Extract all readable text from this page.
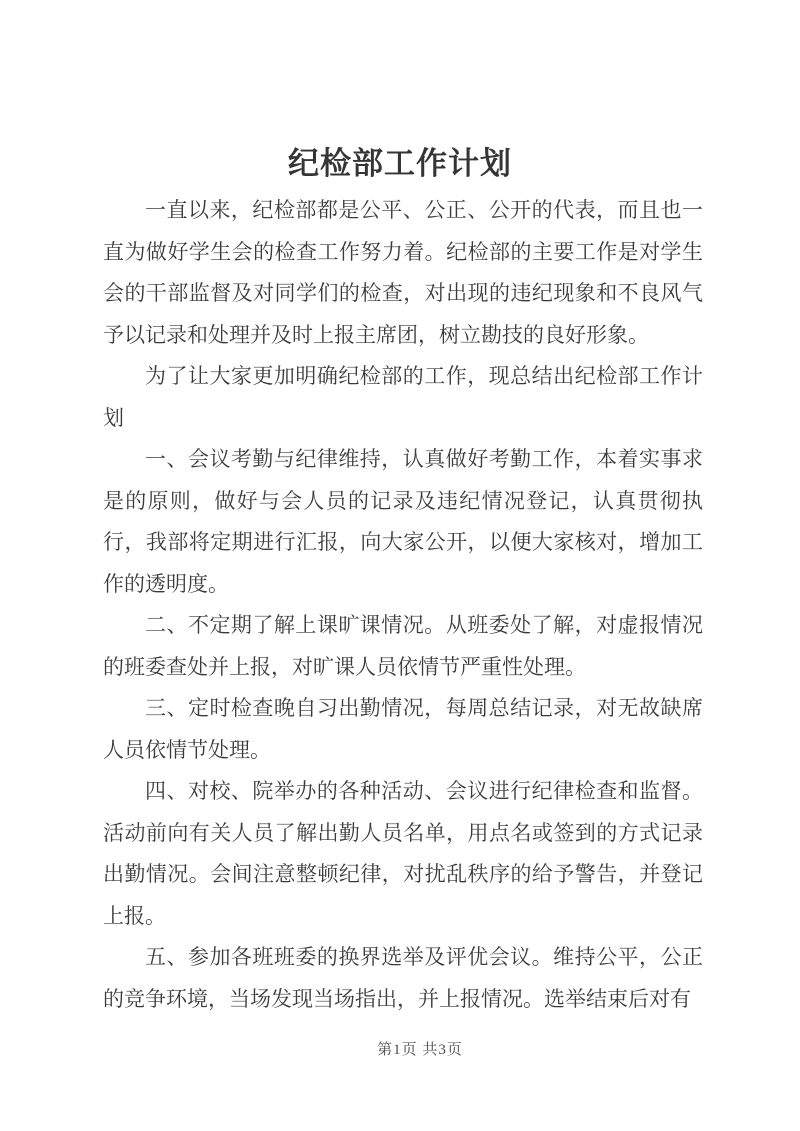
纪检部工作计划

一直以来，纪检部都是公平、公正、公开的代表，而且也一直为做好学生会的检查工作努力着。纪检部的主要工作是对学生会的干部监督及对同学们的检查，对出现的违纪现象和不良风气予以记录和处理并及时上报主席团，树立勘技的良好形象。

为了让大家更加明确纪检部的工作，现总结出纪检部工作计划

一、会议考勤与纪律维持，认真做好考勤工作，本着实事求是的原则，做好与会人员的记录及违纪情况登记，认真贯彻执行，我部将定期进行汇报，向大家公开，以便大家核对，增加工作的透明度。

二、不定期了解上课旷课情况。从班委处了解，对虚报情况的班委查处并上报，对旷课人员依情节严重性处理。

三、定时检查晚自习出勤情况，每周总结记录，对无故缺席人员依情节处理。

四、对校、院举办的各种活动、会议进行纪律检查和监督。活动前向有关人员了解出勤人员名单，用点名或签到的方式记录出勤情况。会间注意整顿纪律，对扰乱秩序的给予警告，并登记上报。

五、参加各班班委的换界选举及评优会议。维持公平，公正的竞争环境，当场发现当场指出，并上报情况。选举结束后对有

第1页 共3页
